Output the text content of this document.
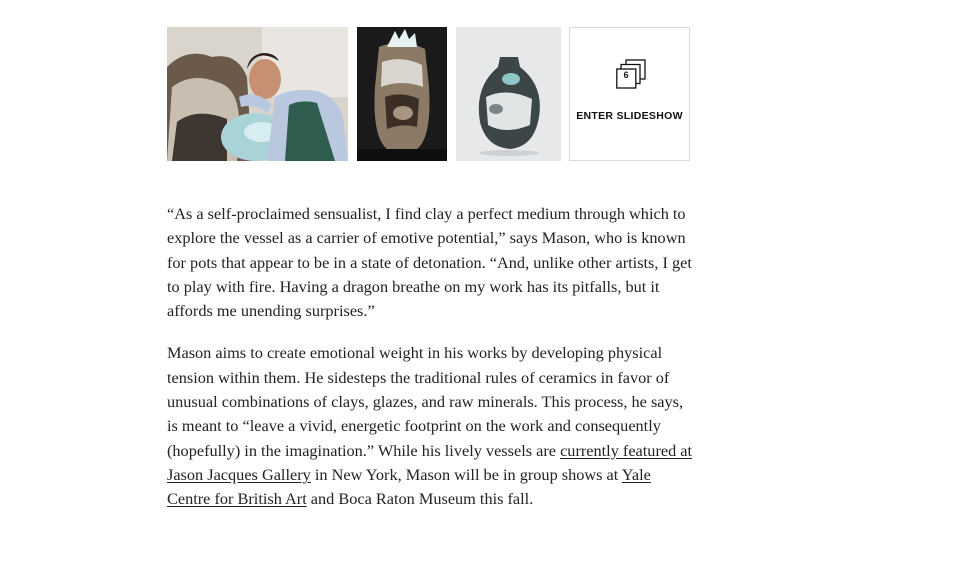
6
ENTER SLIDESHOW

“As a self-proclaimed sensualist, I find clay a perfect medium through which to explore the vessel as a carrier of emotive potential,” says Mason, who is known for pots that appear to be in a state of detonation. “And, unlike other artists, I get to play with fire. Having a dragon breathe on my work has its pitfalls, but it affords me unending surprises.”

Mason aims to create emotional weight in his works by developing physical tension within them. He sidesteps the traditional rules of ceramics in favor of unusual combinations of clays, glazes, and raw minerals. This process, he says, is meant to “leave a vivid, energetic footprint on the work and consequently (hopefully) in the imagination.” While his lively vessels are currently featured at Jason Jacques Gallery in New York, Mason will be in group shows at Yale Centre for British Art and Boca Raton Museum this fall.
